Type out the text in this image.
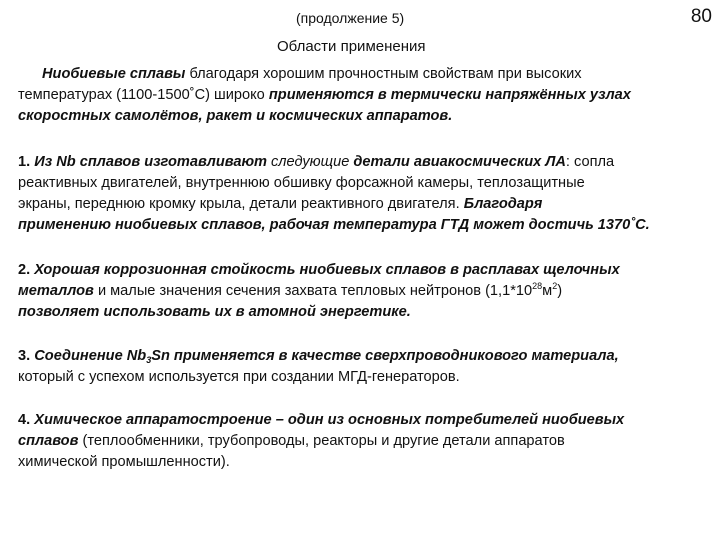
(продолжение 5)	80
Области применения

Ниобиевые сплавы благодаря хорошим прочностным свойствам при высоких
температурах (1100-1500˚С) широко применяются в термически напряжённых узлах
скоростных самолётов, ракет и космических аппаратов.

1. Из Nb сплавов изготавливают следующие детали авиакосмических ЛА: сопла
реактивных двигателей, внутреннюю обшивку форсажной камеры, теплозащитные
экраны, переднюю кромку крыла, детали реактивного двигателя. Благодаря
применению ниобиевых сплавов, рабочая температура ГТД может достичь 1370˚С.

2. Хорошая коррозионная стойкость ниобиевых сплавов в расплавах щелочных
металлов и малые значения сечения захвата тепловых нейтронов $(1,1*10^{28}м^2)$
позволяет использовать их в атомной энергетике.

3. Соединение $Nb_3Sn$ применяется в качестве сверхпроводникового материала,
который с успехом используется при создании МГД-генераторов.

4. Химическое аппаратостроение – один из основных потребителей ниобиевых
сплавов (теплообменники, трубопроводы, реакторы и другие детали аппаратов
химической промышленности).
